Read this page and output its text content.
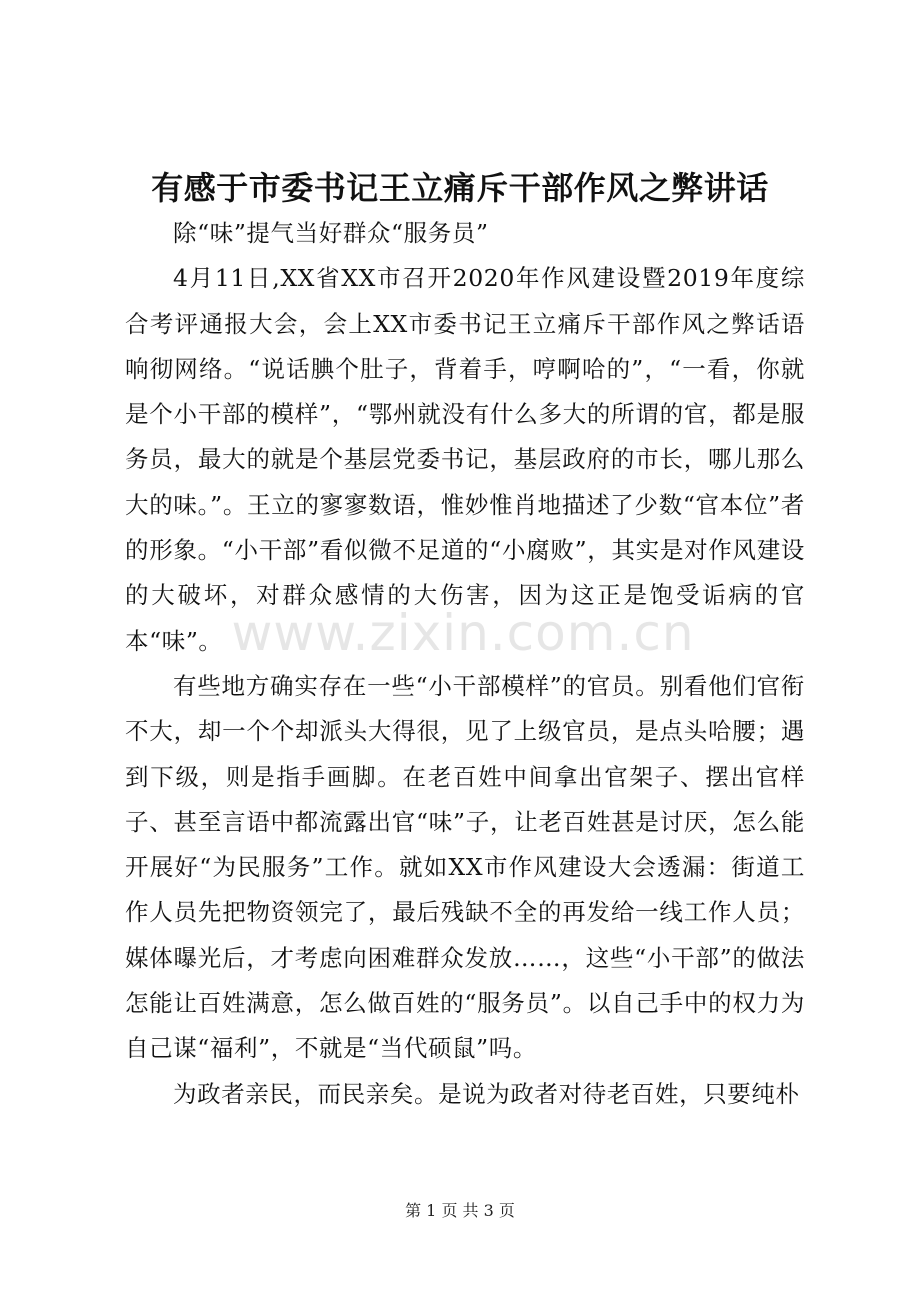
有感于市委书记王立痛斥干部作风之弊讲话

除“味”提气当好群众“服务员”

4月11日,XX省XX市召开2020年作风建设暨2019年度综合考评通报大会，会上XX市委书记王立痛斥干部作风之弊话语响彻网络。“说话腆个肚子，背着手，哼啊哈的”，“一看，你就是个小干部的模样”，“鄂州就没有什么多大的所谓的官，都是服务员，最大的就是个基层党委书记，基层政府的市长，哪儿那么大的味。”。王立的寥寥数语，惟妙惟肖地描述了少数“官本位”者的形象。“小干部”看似微不足道的“小腐败”，其实是对作风建设的大破坏，对群众感情的大伤害，因为这正是饱受诟病的官本“味”。

有些地方确实存在一些“小干部模样”的官员。别看他们官衔不大，却一个个却派头大得很，见了上级官员，是点头哈腰；遇到下级，则是指手画脚。在老百姓中间拿出官架子、摆出官样子、甚至言语中都流露出官“味”子，让老百姓甚是讨厌，怎么能开展好“为民服务”工作。就如XX市作风建设大会透漏：街道工作人员先把物资领完了，最后残缺不全的再发给一线工作人员；媒体曝光后，才考虑向困难群众发放……，这些“小干部”的做法怎能让百姓满意，怎么做百姓的“服务员”。以自己手中的权力为自己谋“福利”，不就是“当代硕鼠”吗。

为政者亲民，而民亲矣。是说为政者对待老百姓，只要纯朴

www.zixin.com.cn
第 1 页 共 3 页
